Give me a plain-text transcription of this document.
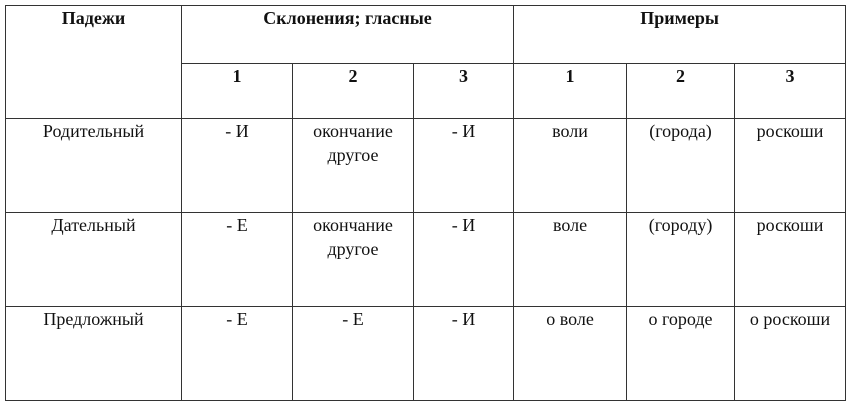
Падежи	Склонения; гласные			Примеры		
	1	2	3	1	2	3
Родительный	- И	окончание другое	- И	воли	(города)	роскоши
Дательный	- Е	окончание другое	- И	воле	(городу)	роскоши
Предложный	- Е	- Е	- И	о воле	о городе	о роскоши
